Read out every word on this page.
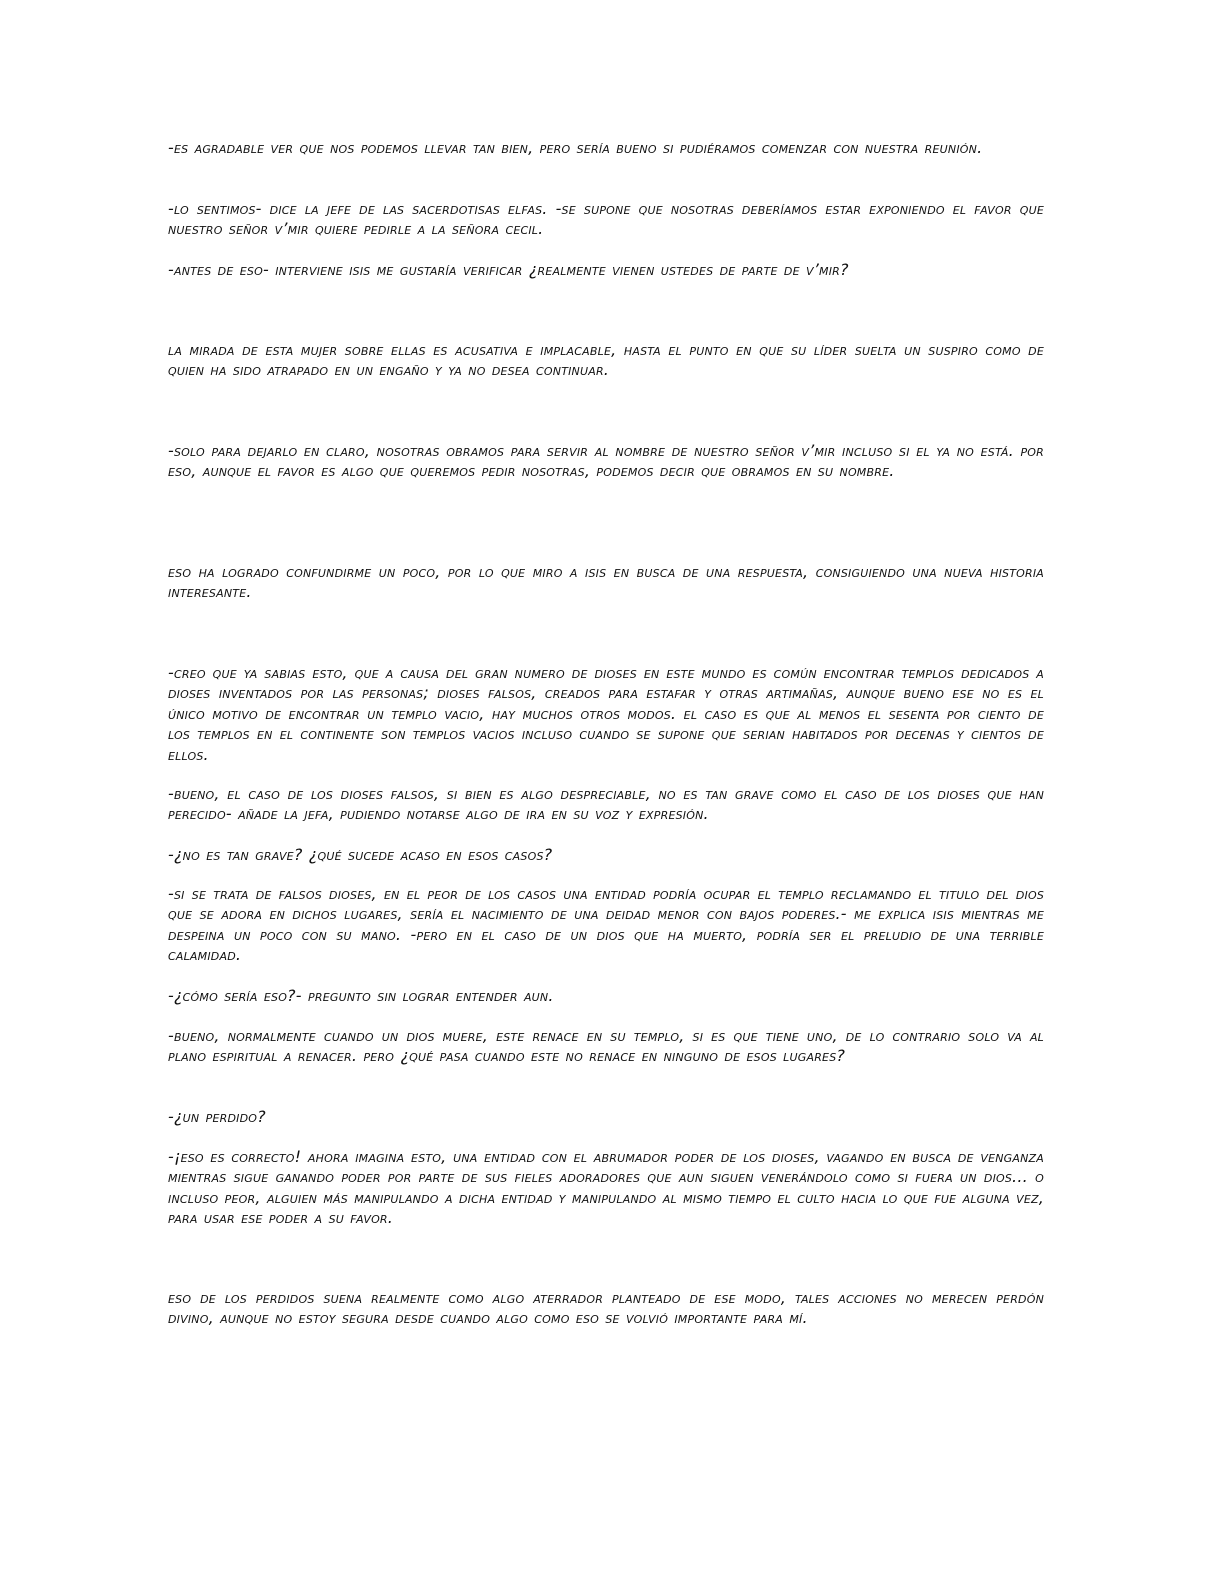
-es agradable ver que nos podemos llevar tan bien, pero sería bueno si pudiéramos comenzar con nuestra reunión.

-lo sentimos- dice la jefe de las sacerdotisas elfas. -se supone que nosotras deberíamos estar exponiendo el favor que nuestro señor v’mir quiere pedirle a la señora cecil.

-antes de eso- interviene isis me gustaría verificar ¿realmente vienen ustedes de parte de v’mir?

la mirada de esta mujer sobre ellas es acusativa e implacable, hasta el punto en que su líder suelta un suspiro como de quien ha sido atrapado en un engaño y ya no desea continuar.

-solo para dejarlo en claro, nosotras obramos para servir al nombre de nuestro señor v’mir incluso si el ya no está. por eso, aunque el favor es algo que queremos pedir nosotras, podemos decir que obramos en su nombre.

eso ha logrado confundirme un poco, por lo que miro a isis en busca de una respuesta, consiguiendo una nueva historia interesante.

-creo que ya sabias esto, que a causa del gran numero de dioses en este mundo es común encontrar templos dedicados a dioses inventados por las personas; dioses falsos, creados para estafar y otras artimañas, aunque bueno ese no es el único motivo de encontrar un templo vacio, hay muchos otros modos. el caso es que al menos el sesenta por ciento de los templos en el continente son templos vacios incluso cuando se supone que serian habitados por decenas y cientos de ellos.

-bueno, el caso de los dioses falsos, si bien es algo despreciable, no es tan grave como el caso de los dioses que han perecido- añade la jefa, pudiendo notarse algo de ira en su voz y expresión.

-¿no es tan grave? ¿qué sucede acaso en esos casos?

-si se trata de falsos dioses, en el peor de los casos una entidad podría ocupar el templo reclamando el titulo del dios que se adora en dichos lugares, sería el nacimiento de una deidad menor con bajos poderes.- me explica isis mientras me despeina un poco con su mano. -pero en el caso de un dios que ha muerto, podría ser el preludio de una terrible calamidad.

-¿cómo sería eso?- pregunto sin lograr entender aun.

-bueno, normalmente cuando un dios muere, este renace en su templo, si es que tiene uno, de lo contrario solo va al plano espiritual a renacer. pero ¿qué pasa cuando este no renace en ninguno de esos lugares?

-¿un perdido?

-¡eso es correcto! ahora imagina esto, una entidad con el abrumador poder de los dioses, vagando en busca de venganza mientras sigue ganando poder por parte de sus fieles adoradores que aun siguen venerándolo como si fuera un dios... o incluso peor, alguien más manipulando a dicha entidad y manipulando al mismo tiempo el culto hacia lo que fue alguna vez, para usar ese poder a su favor.

eso de los perdidos suena realmente como algo aterrador planteado de ese modo, tales acciones no merecen perdón divino, aunque no estoy segura desde cuando algo como eso se volvió importante para mí.
